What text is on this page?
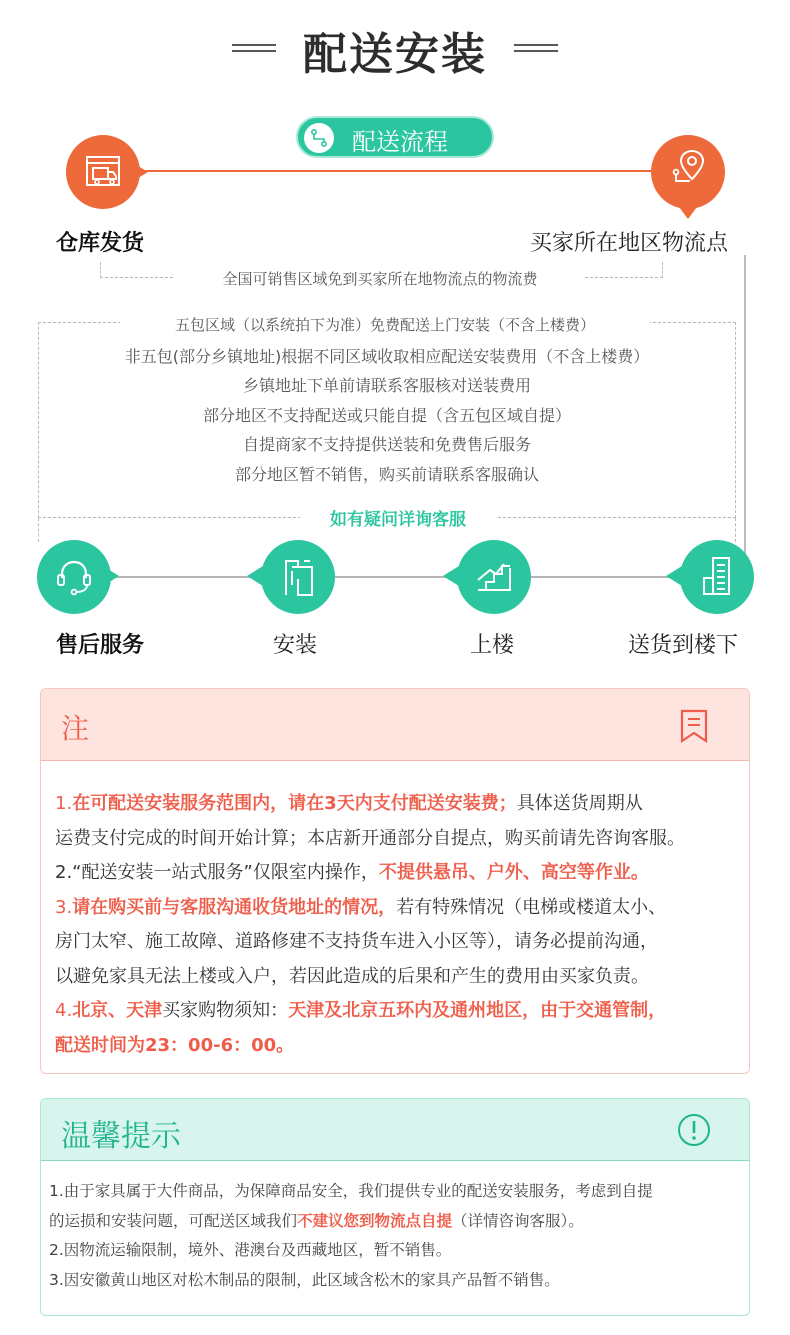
配送安装
配送流程
仓库发货	买家所在地区物流点
全国可销售区域免到买家所在地物流点的物流费
五包区域（以系统拍下为准）免费配送上门安装（不含上楼费）
非五包(部分乡镇地址)根据不同区域收取相应配送安装费用（不含上楼费）
乡镇地址下单前请联系客服核对送装费用
部分地区不支持配送或只能自提（含五包区域自提）
自提商家不支持提供送装和免费售后服务
部分地区暂不销售，购买前请联系客服确认
如有疑问详询客服
售后服务	安装	上楼	送货到楼下
注
1.在可配送安装服务范围内，请在3天内支付配送安装费；具体送货周期从
运费支付完成的时间开始计算；本店新开通部分自提点，购买前请先咨询客服。
2.“配送安装一站式服务”仅限室内操作，不提供悬吊、户外、高空等作业。
3.请在购买前与客服沟通收货地址的情况，若有特殊情况（电梯或楼道太小、
房门太窄、施工故障、道路修建不支持货车进入小区等），请务必提前沟通，
以避免家具无法上楼或入户，若因此造成的后果和产生的费用由买家负责。
4.北京、天津买家购物须知：天津及北京五环内及通州地区，由于交通管制，
配送时间为23：00-6：00。
温馨提示
1.由于家具属于大件商品，为保障商品安全，我们提供专业的配送安装服务，考虑到自提
的运损和安装问题，可配送区域我们不建议您到物流点自提（详情咨询客服）。
2.因物流运输限制，境外、港澳台及西藏地区，暂不销售。
3.因安徽黄山地区对松木制品的限制，此区域含松木的家具产品暂不销售。
